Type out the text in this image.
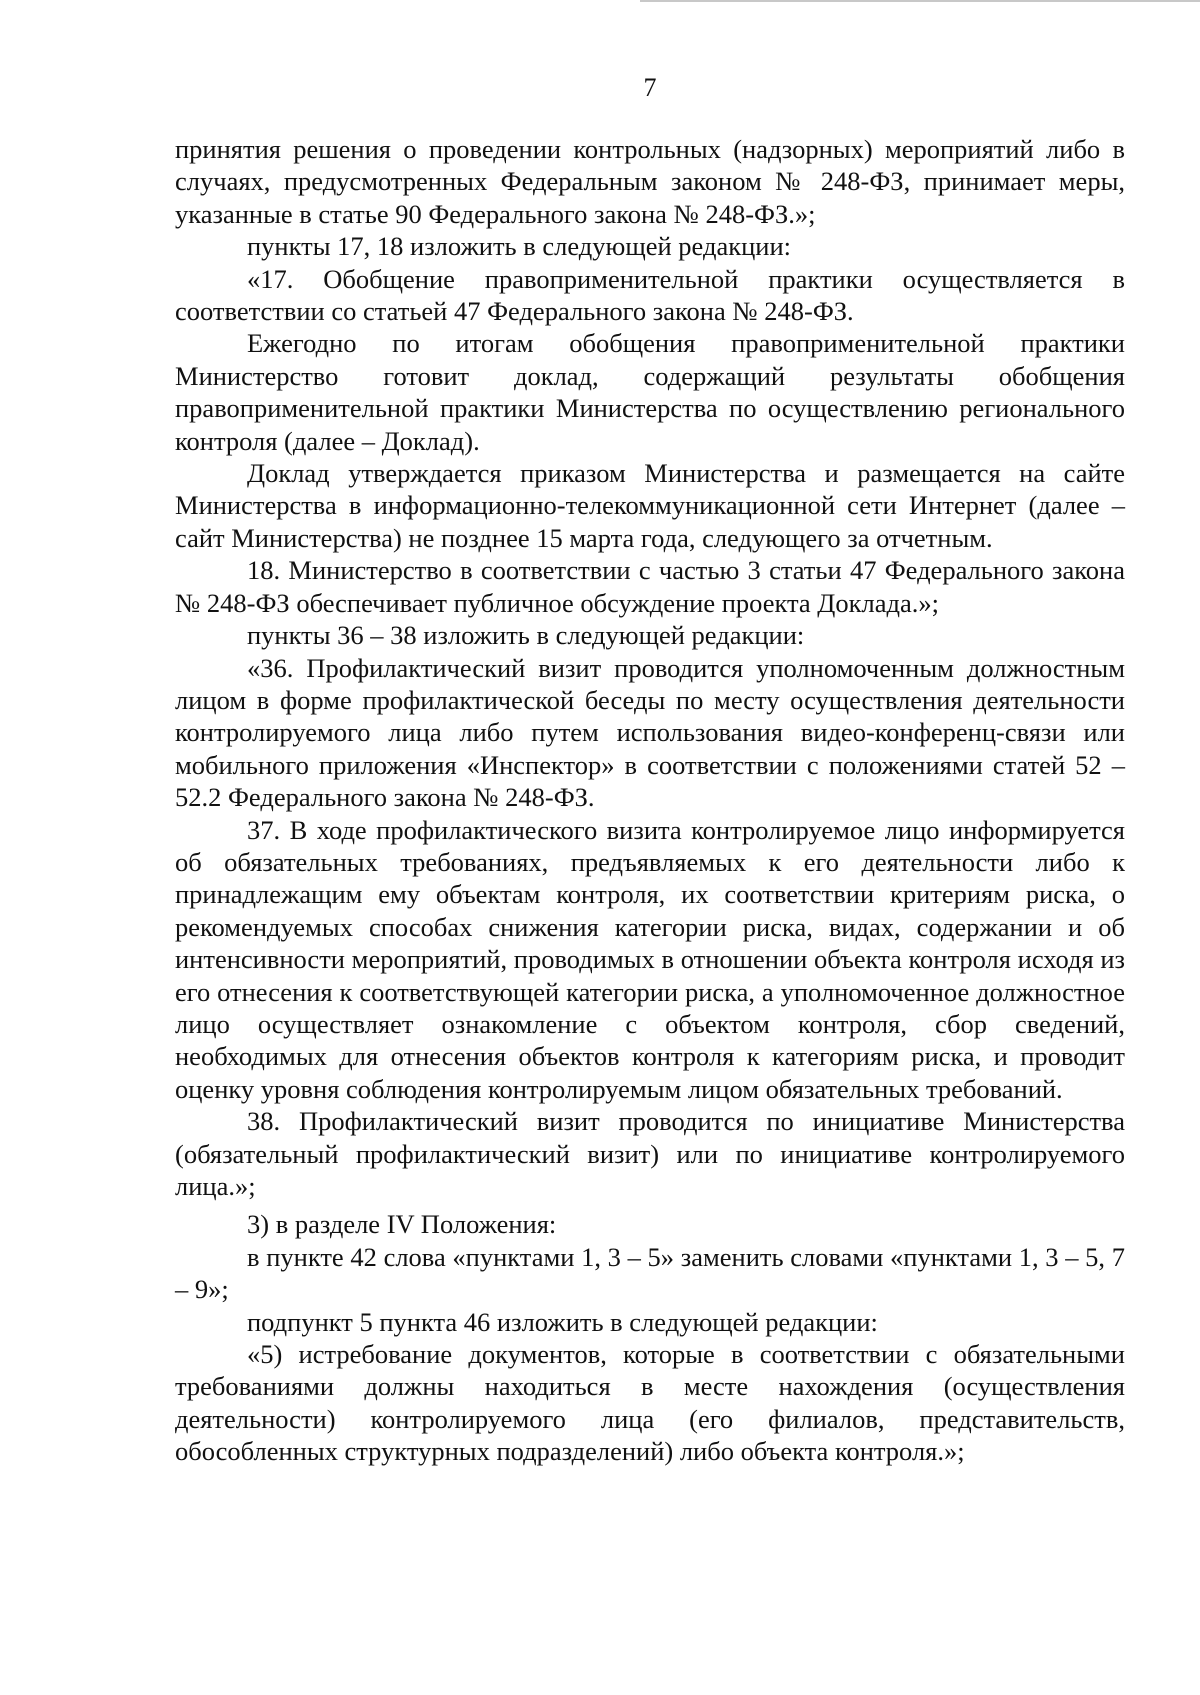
7

принятия решения о проведении контрольных (надзорных) мероприятий либо в случаях, предусмотренных Федеральным законом № 248-ФЗ, принимает меры, указанные в статье 90 Федерального закона № 248-ФЗ.»;

пункты 17, 18 изложить в следующей редакции:

«17. Обобщение правоприменительной практики осуществляется в соответствии со статьей 47 Федерального закона № 248-ФЗ.

Ежегодно по итогам обобщения правоприменительной практики Министерство готовит доклад, содержащий результаты обобщения правоприменительной практики Министерства по осуществлению регионального контроля (далее – Доклад).

Доклад утверждается приказом Министерства и размещается на сайте Министерства в информационно-телекоммуникационной сети Интернет (далее – сайт Министерства) не позднее 15 марта года, следующего за отчетным.

18. Министерство в соответствии с частью 3 статьи 47 Федерального закона № 248-ФЗ обеспечивает публичное обсуждение проекта Доклада.»;

пункты 36 – 38 изложить в следующей редакции:

«36. Профилактический визит проводится уполномоченным должностным лицом в форме профилактической беседы по месту осуществления деятельности контролируемого лица либо путем использования видео-конференц-связи или мобильного приложения «Инспектор» в соответствии с положениями статей 52 – 52.2 Федерального закона № 248-ФЗ.

37. В ходе профилактического визита контролируемое лицо информируется об обязательных требованиях, предъявляемых к его деятельности либо к принадлежащим ему объектам контроля, их соответствии критериям риска, о рекомендуемых способах снижения категории риска, видах, содержании и об интенсивности мероприятий, проводимых в отношении объекта контроля исходя из его отнесения к соответствующей категории риска, а уполномоченное должностное лицо осуществляет ознакомление с объектом контроля, сбор сведений, необходимых для отнесения объектов контроля к категориям риска, и проводит оценку уровня соблюдения контролируемым лицом обязательных требований.

38. Профилактический визит проводится по инициативе Министерства (обязательный профилактический визит) или по инициативе контролируемого лица.»;

3) в разделе IV Положения:

в пункте 42 слова «пунктами 1, 3 – 5» заменить словами «пунктами 1, 3 – 5, 7 – 9»;

подпункт 5 пункта 46 изложить в следующей редакции:

«5) истребование документов, которые в соответствии с обязательными требованиями должны находиться в месте нахождения (осуществления деятельности) контролируемого лица (его филиалов, представительств, обособленных структурных подразделений) либо объекта контроля.»;
